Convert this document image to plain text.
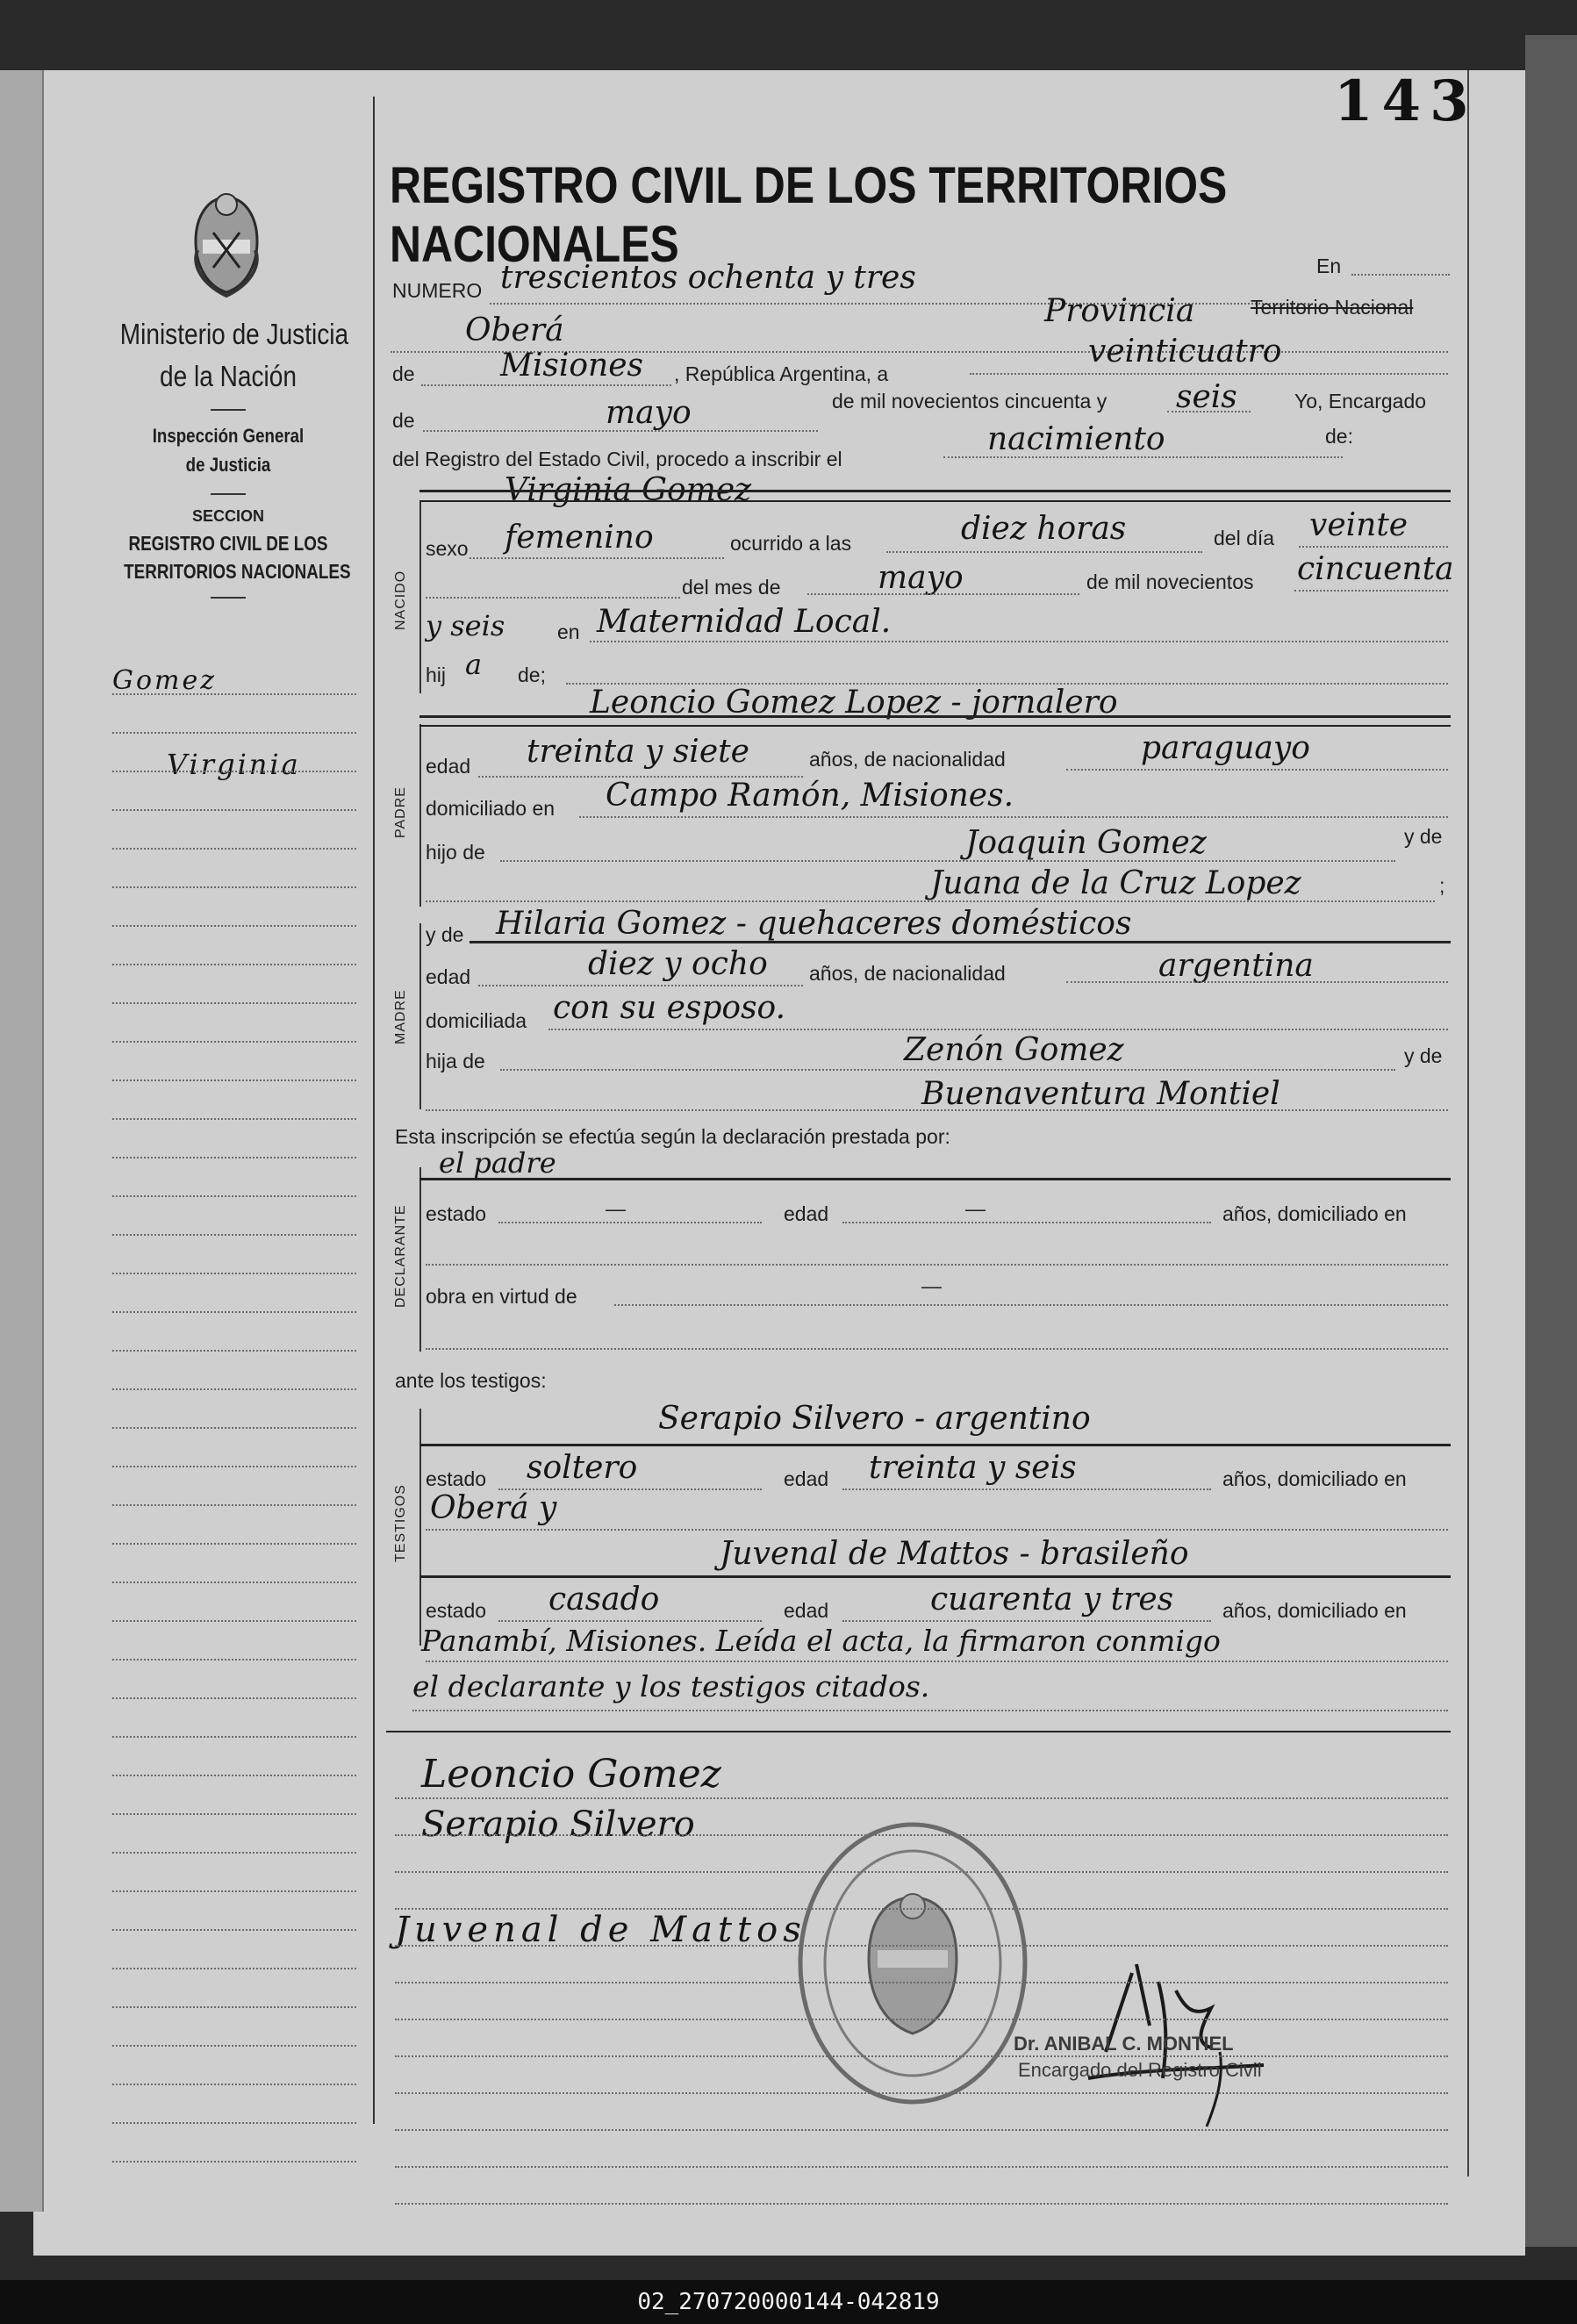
143
REGISTRO CIVIL DE LOS TERRITORIOS NACIONALES
Ministerio de Justicia
de la Nación
Inspección General
de Justicia
SECCION
REGISTRO CIVIL DE LOS
TERRITORIOS NACIONALES
Gomez
Virginia
NUMERO trescientos ochenta y tres	En
Oberá
Provincia	Territorio Nacional
de	Misiones , República Argentina, a
veinticuatro
de	mayo	de mil novecientos cincuenta y seis	Yo, Encargado
del Registro del Estado Civil, procedo a inscribir el
nacimiento	de:
NACIDO
Virginia Gomez
sexo femenino	ocurrido a las	diez horas	del día veinte
del mes de	mayo	de mil novecientos cincuenta
y seis	en Maternidad Local.
hij a de;
PADRE
Leoncio Gomez Lopez - jornalero
edad treinta y siete	años, de nacionalidad	paraguayo
domiciliado en Campo Ramón, Misiones.
hijo de	Joaquin Gomez	y de
Juana de la Cruz Lopez	;
MADRE
y de Hilaria Gomez - quehaceres domésticos
edad	diez y ocho años, de nacionalidad	argentina
domiciliada con su esposo.
hija de	Zenón Gomez	y de
Buenaventura Montiel
Esta inscripción se efectúa según la declaración prestada por:
DECLARANTE
el padre
estado	—	edad	—	años, domiciliado en
obra en virtud de	—
ante los testigos:
TESTIGOS
Serapio Silvero - argentino
estado soltero	edad treinta y seis	años, domiciliado en
Oberá y
Juvenal de Mattos - brasileño
estado casado	edad	cuarenta y tres años, domiciliado en
Panambí, Misiones. Leída el acta, la firmaron conmigo
el declarante y los testigos citados.
Leoncio Gomez
Serapio Silvero
Juvenal de Mattos
Dr. ANIBAL C. MONTIEL
Encargado del Registro Civil
02_270720000144-042819
